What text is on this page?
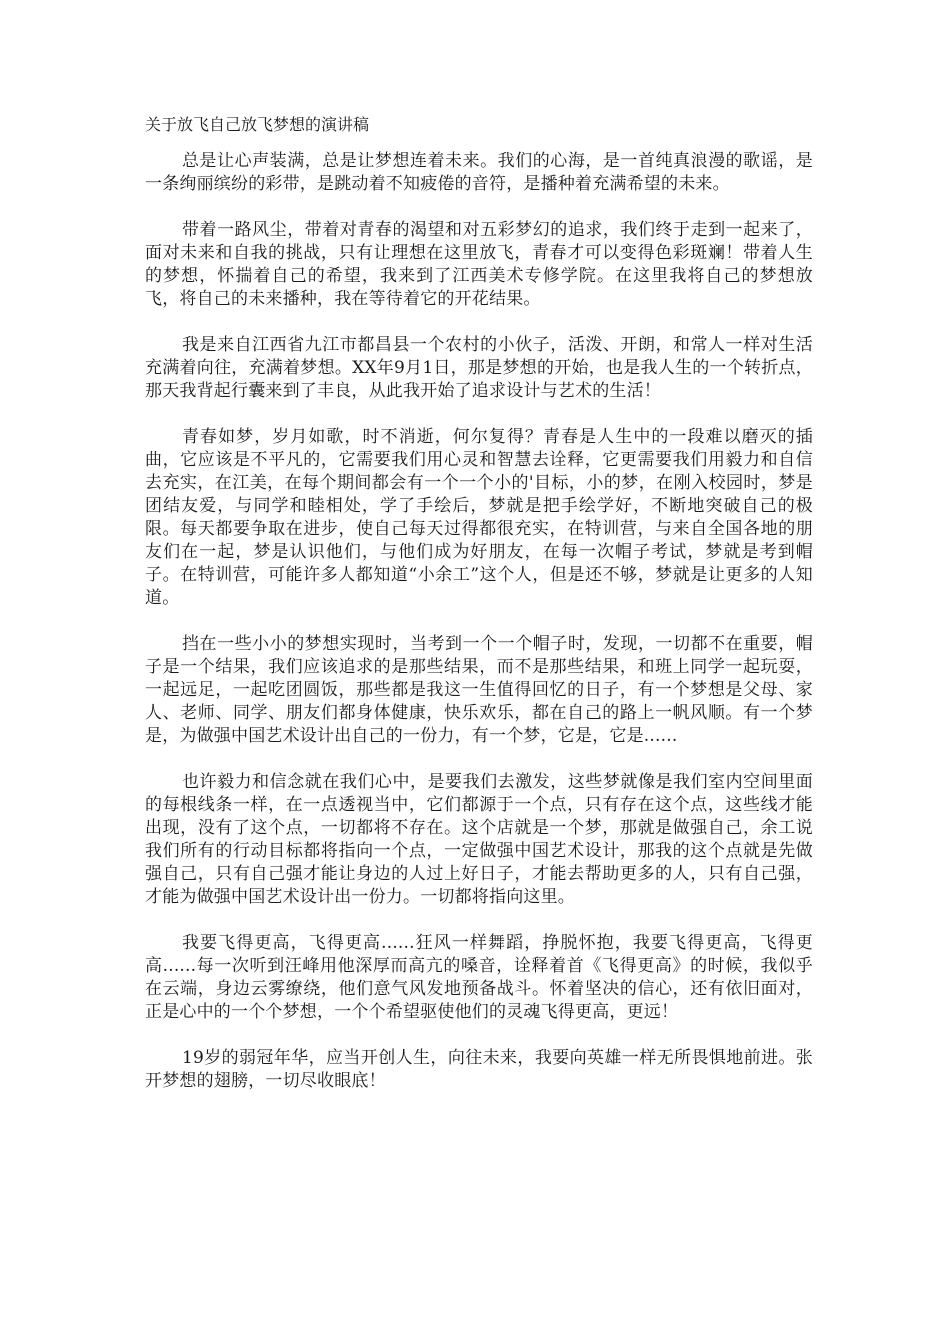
关于放飞自己放飞梦想的演讲稿

总是让心声装满，总是让梦想连着未来。我们的心海，是一首纯真浪漫的歌谣，是一条绚丽缤纷的彩带，是跳动着不知疲倦的音符，是播种着充满希望的未来。

带着一路风尘，带着对青春的渴望和对五彩梦幻的追求，我们终于走到一起来了，面对未来和自我的挑战，只有让理想在这里放飞，青春才可以变得色彩斑斓！带着人生的梦想，怀揣着自己的希望，我来到了江西美术专修学院。在这里我将自己的梦想放飞，将自己的未来播种，我在等待着它的开花结果。

我是来自江西省九江市都昌县一个农村的小伙子，活泼、开朗，和常人一样对生活充满着向往，充满着梦想。XX年9月1日，那是梦想的开始，也是我人生的一个转折点，那天我背起行囊来到了丰良，从此我开始了追求设计与艺术的生活！

青春如梦，岁月如歌，时不消逝，何尔复得？青春是人生中的一段难以磨灭的插曲，它应该是不平凡的，它需要我们用心灵和智慧去诠释，它更需要我们用毅力和自信去充实，在江美，在每个期间都会有一个一个小的'目标，小的梦，在刚入校园时，梦是团结友爱，与同学和睦相处，学了手绘后，梦就是把手绘学好，不断地突破自己的极限。每天都要争取在进步，使自己每天过得都很充实，在特训营，与来自全国各地的朋友们在一起，梦是认识他们，与他们成为好朋友，在每一次帽子考试，梦就是考到帽子。在特训营，可能许多人都知道“小余工”这个人，但是还不够，梦就是让更多的人知道。

挡在一些小小的梦想实现时，当考到一个一个帽子时，发现，一切都不在重要，帽子是一个结果，我们应该追求的是那些结果，而不是那些结果，和班上同学一起玩耍，一起远足，一起吃团圆饭，那些都是我这一生值得回忆的日子，有一个梦想是父母、家人、老师、同学、朋友们都身体健康，快乐欢乐，都在自己的路上一帆风顺。有一个梦是，为做强中国艺术设计出自己的一份力，有一个梦，它是，它是......

也许毅力和信念就在我们心中，是要我们去激发，这些梦就像是我们室内空间里面的每根线条一样，在一点透视当中，它们都源于一个点，只有存在这个点，这些线才能出现，没有了这个点，一切都将不存在。这个店就是一个梦，那就是做强自己，余工说我们所有的行动目标都将指向一个点，一定做强中国艺术设计，那我的这个点就是先做强自己，只有自己强才能让身边的人过上好日子，才能去帮助更多的人，只有自己强，才能为做强中国艺术设计出一份力。一切都将指向这里。

我要飞得更高，飞得更高......狂风一样舞蹈，挣脱怀抱，我要飞得更高，飞得更高......每一次听到汪峰用他深厚而高亢的嗓音，诠释着首《飞得更高》的时候，我似乎在云端，身边云雾缭绕，他们意气风发地预备战斗。怀着坚决的信心，还有依旧面对，正是心中的一个个梦想，一个个希望驱使他们的灵魂飞得更高，更远！

19岁的弱冠年华，应当开创人生，向往未来，我要向英雄一样无所畏惧地前进。张开梦想的翅膀，一切尽收眼底！
